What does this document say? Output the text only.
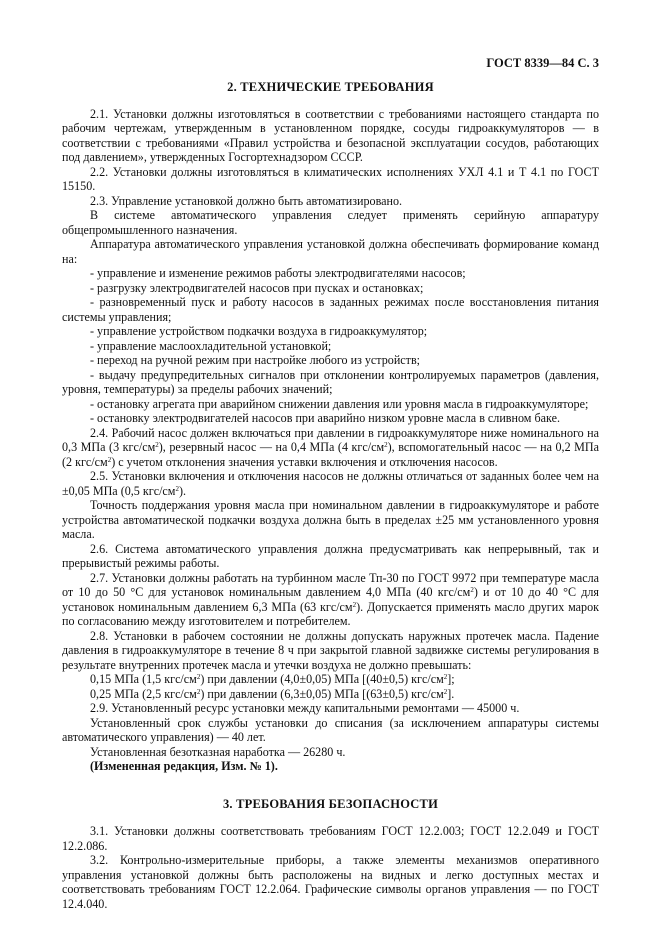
ГОСТ 8339—84 С. 3
2. ТЕХНИЧЕСКИЕ ТРЕБОВАНИЯ

2.1. Установки должны изготовляться в соответствии с требованиями настоящего стандарта по рабочим чертежам, утвержденным в установленном порядке, сосуды гидроаккумуляторов — в соответствии с требованиями «Правил устройства и безопасной эксплуатации сосудов, работающих под давлением», утвержденных Госгортехнадзором СССР.

2.2. Установки должны изготовляться в климатических исполнениях УХЛ 4.1 и Т 4.1 по ГОСТ 15150.

2.3. Управление установкой должно быть автоматизировано.

В системе автоматического управления следует применять серийную аппаратуру общепромышленного назначения.

Аппаратура автоматического управления установкой должна обеспечивать формирование команд на:

- управление и изменение режимов работы электродвигателями насосов;

- разгрузку электродвигателей насосов при пусках и остановках;

- разновременный пуск и работу насосов в заданных режимах после восстановления питания системы управления;

- управление устройством подкачки воздуха в гидроаккумулятор;

- управление маслоохладительной установкой;

- переход на ручной режим при настройке любого из устройств;

- выдачу предупредительных сигналов при отклонении контролируемых параметров (давления, уровня, температуры) за пределы рабочих значений;

- остановку агрегата при аварийном снижении давления или уровня масла в гидроаккумуляторе;

- остановку электродвигателей насосов при аварийно низком уровне масла в сливном баке.

2.4. Рабочий насос должен включаться при давлении в гидроаккумуляторе ниже номинального на 0,3 МПа (3 кгс/$см^2$), резервный насос — на 0,4 МПа (4 кгс/$см^2$), вспомогательный насос — на 0,2 МПа (2 кгс/$см^2$) с учетом отклонения значения уставки включения и отключения насосов.

2.5. Установки включения и отключения насосов не должны отличаться от заданных более чем на ±0,05 МПа (0,5 кгс/$см^2$).

Точность поддержания уровня масла при номинальном давлении в гидроаккумуляторе и работе устройства автоматической подкачки воздуха должна быть в пределах ±25 мм установленного уровня масла.

2.6. Система автоматического управления должна предусматривать как непрерывный, так и прерывистый режимы работы.

2.7. Установки должны работать на турбинном масле Тп-30 по ГОСТ 9972 при температуре масла от 10 до 50 °С для установок номинальным давлением 4,0 МПа (40 кгс/$см^2$) и от 10 до 40 °С для установок номинальным давлением 6,3 МПа (63 кгс/$см^2$). Допускается применять масло других марок по согласованию между изготовителем и потребителем.

2.8. Установки в рабочем состоянии не должны допускать наружных протечек масла. Падение давления в гидроаккумуляторе в течение 8 ч при закрытой главной задвижке системы регулирования в результате внутренних протечек масла и утечки воздуха не должно превышать:

0,15 МПа (1,5 кгс/$см^2$) при давлении (4,0±0,05) МПа [(40±0,5) кгс/$см^2$];

0,25 МПа (2,5 кгс/$см^2$) при давлении (6,3±0,05) МПа [(63±0,5) кгс/$см^2$].

2.9. Установленный ресурс установки между капитальными ремонтами — 45000 ч.

Установленный срок службы установки до списания (за исключением аппаратуры системы автоматического управления) — 40 лет.

Установленная безотказная наработка — 26280 ч.

(Измененная редакция, Изм. № 1).

3. ТРЕБОВАНИЯ БЕЗОПАСНОСТИ

3.1. Установки должны соответствовать требованиям ГОСТ 12.2.003; ГОСТ 12.2.049 и ГОСТ 12.2.086.

3.2. Контрольно-измерительные приборы, а также элементы механизмов оперативного управления установкой должны быть расположены на видных и легко доступных местах и соответствовать требованиям ГОСТ 12.2.064. Графические символы органов управления — по ГОСТ 12.4.040.
